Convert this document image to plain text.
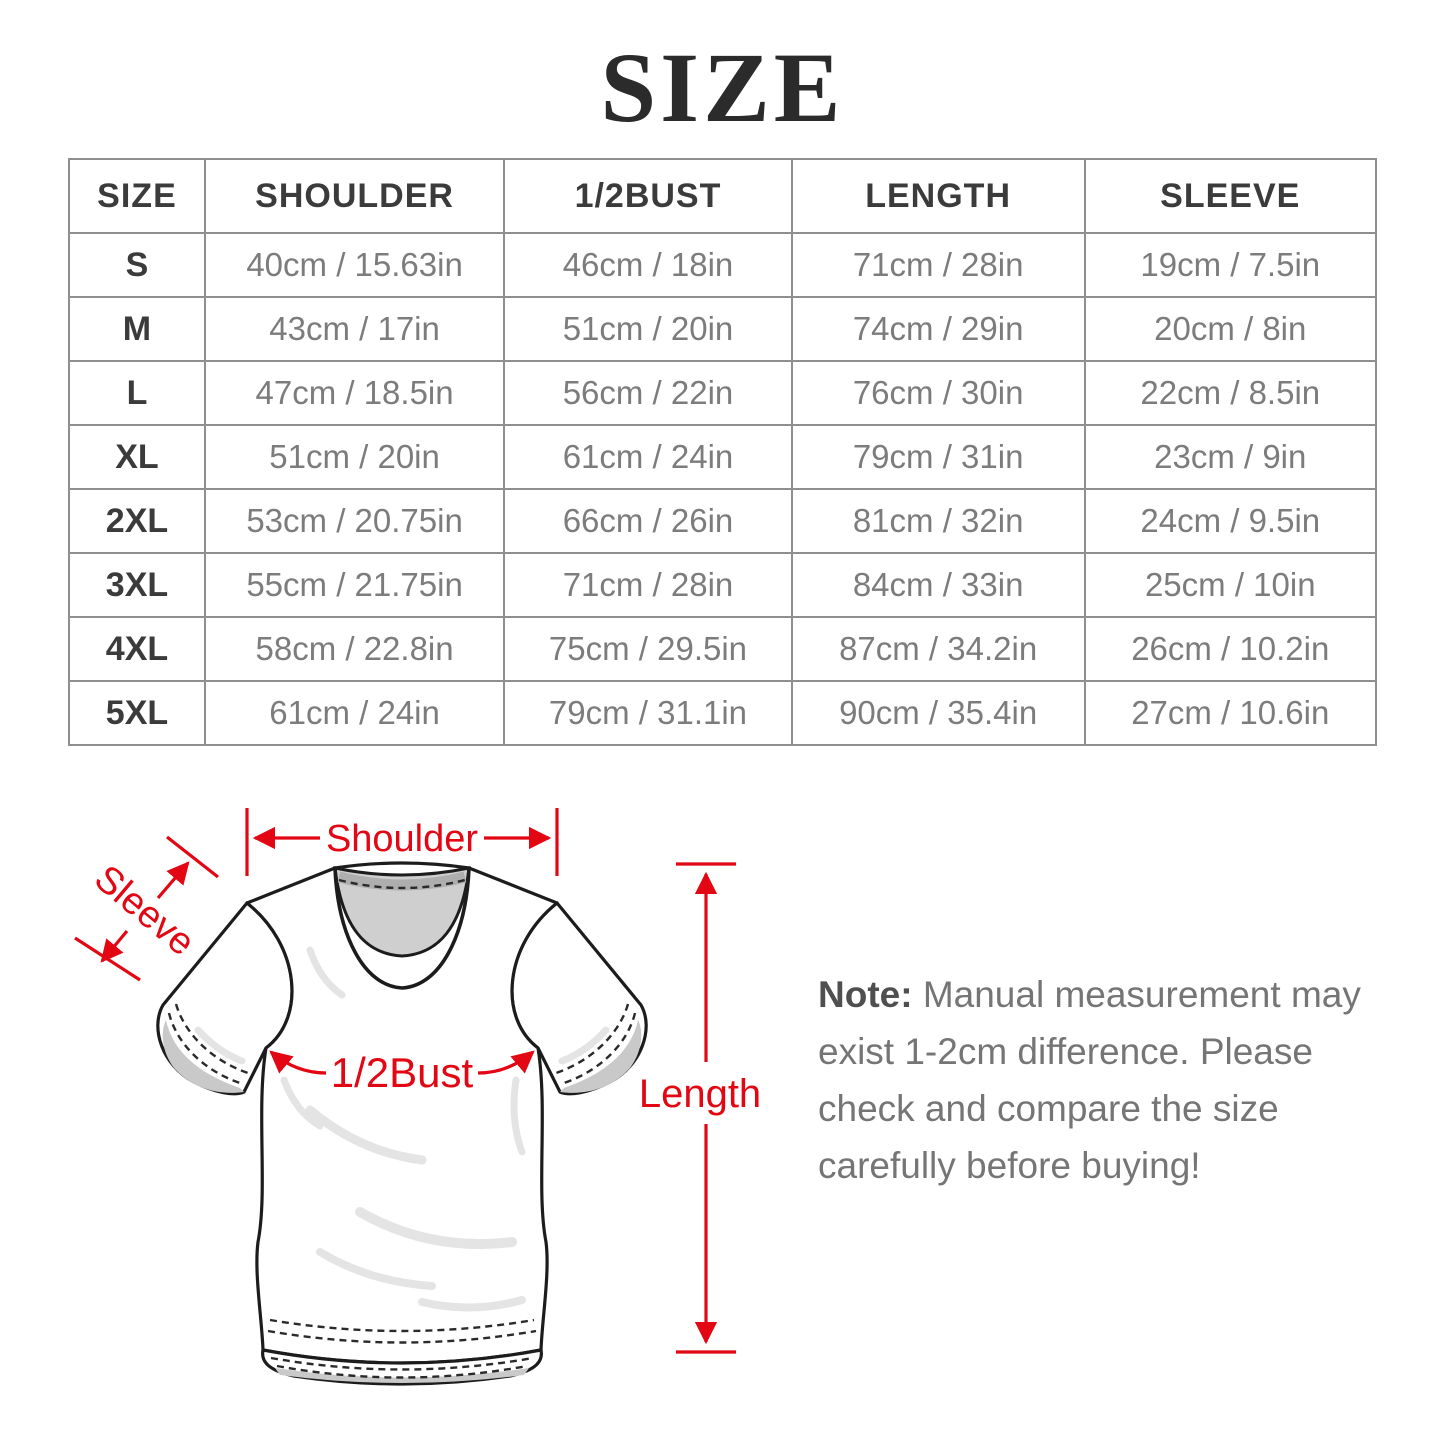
SIZE
SIZE	SHOULDER	1/2BUST	LENGTH	SLEEVE
S	40cm / 15.63in	46cm / 18in	71cm / 28in	19cm / 7.5in
M	43cm / 17in	51cm / 20in	74cm / 29in	20cm / 8in
L	47cm / 18.5in	56cm / 22in	76cm / 30in	22cm / 8.5in
XL	51cm / 20in	61cm / 24in	79cm / 31in	23cm / 9in
2XL	53cm / 20.75in	66cm / 26in	81cm / 32in	24cm / 9.5in
3XL	55cm / 21.75in	71cm / 28in	84cm / 33in	25cm / 10in
4XL	58cm / 22.8in	75cm / 29.5in	87cm / 34.2in	26cm / 10.2in
5XL	61cm / 24in	79cm / 31.1in	90cm / 35.4in	27cm / 10.6in
Shoulder
Sleeve
1/2Bust	Length
Note: Manual measurement may
exist 1-2cm difference. Please
check and compare the size
carefully before buying!
